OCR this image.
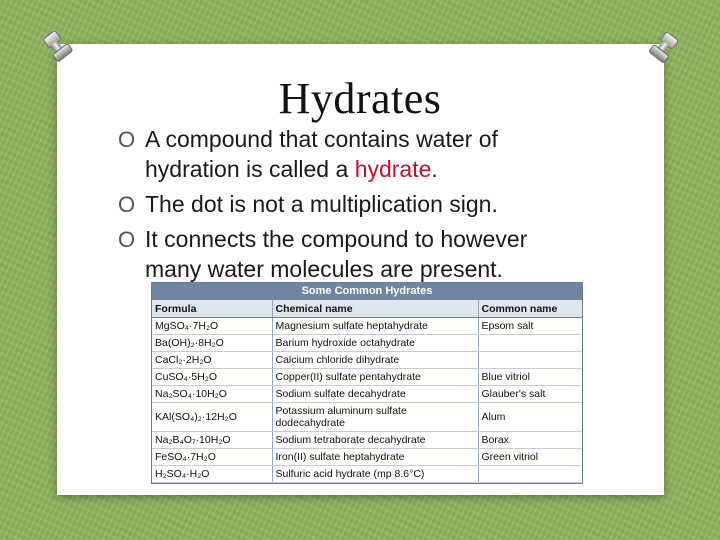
Hydrates
O A compound that contains water of hydration is called a hydrate.
O The dot is not a multiplication sign.
O It connects the compound to however many water molecules are present.
Some Common Hydrates
Formula	Chemical name	Common name
MgSO₄·7H₂O	Magnesium sulfate heptahydrate	Epsom salt
Ba(OH)₂·8H₂O	Barium hydroxide octahydrate	
CaCl₂·2H₂O	Calcium chloride dihydrate	
CuSO₄·5H₂O	Copper(II) sulfate pentahydrate	Blue vitriol
Na₂SO₄·10H₂O	Sodium sulfate decahydrate	Glauber's salt
KAl(SO₄)₂·12H₂O	Potassium aluminum sulfate dodecahydrate	Alum
Na₂B₄O₇·10H₂O	Sodium tetraborate decahydrate	Borax
FeSO₄·7H₂O	Iron(II) sulfate heptahydrate	Green vitriol
H₂SO₄·H₂O	Sulfuric acid hydrate (mp 8.6°C)	
